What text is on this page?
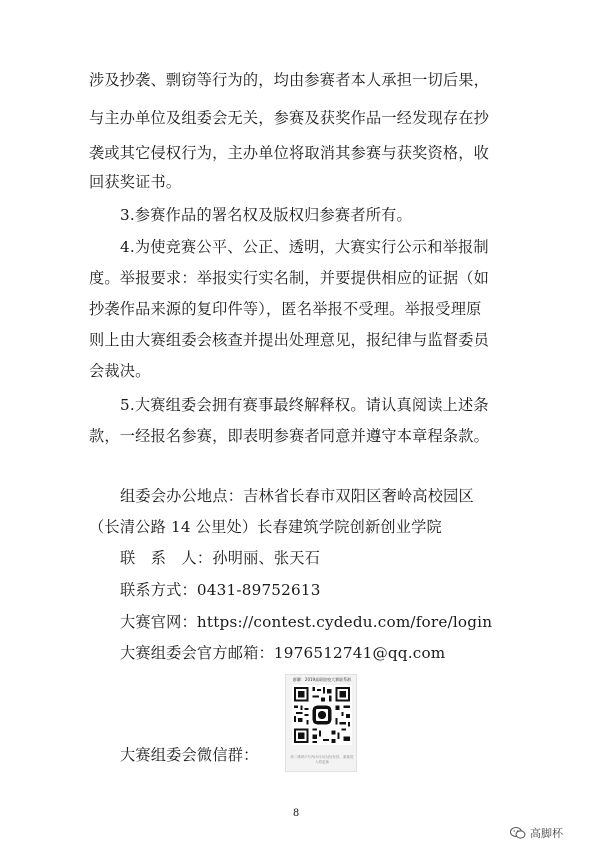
涉及抄袭、剽窃等行为的，均由参赛者本人承担一切后果，
与主办单位及组委会无关，参赛及获奖作品一经发现存在抄
袭或其它侵权行为，主办单位将取消其参赛与获奖资格，收
回获奖证书。
3.参赛作品的署名权及版权归参赛者所有。
4.为使竞赛公平、公正、透明，大赛实行公示和举报制
度。举报要求：举报实行实名制，并要提供相应的证据（如
抄袭作品来源的复印件等），匿名举报不受理。举报受理原
则上由大赛组委会核查并提出处理意见，报纪律与监督委员
会裁决。
5.大赛组委会拥有赛事最终解释权。请认真阅读上述条
款，一经报名参赛，即表明参赛者同意并遵守本章程条款。
组委会办公地点：吉林省长春市双阳区奢岭高校园区
（长清公路 14 公里处）长春建筑学院创新创业学院
联　系　人：孙明丽、张天石
联系方式：0431-89752613
大赛官网：https://contest.cydedu.com/fore/login
大赛组委会官方邮箱：1976512741@qq.com
群聊：2019高职院校大赛联系群
该二维码7天内(5月3日前)有效，重新进入将更新
大赛组委会微信群：
8
高脚杯
